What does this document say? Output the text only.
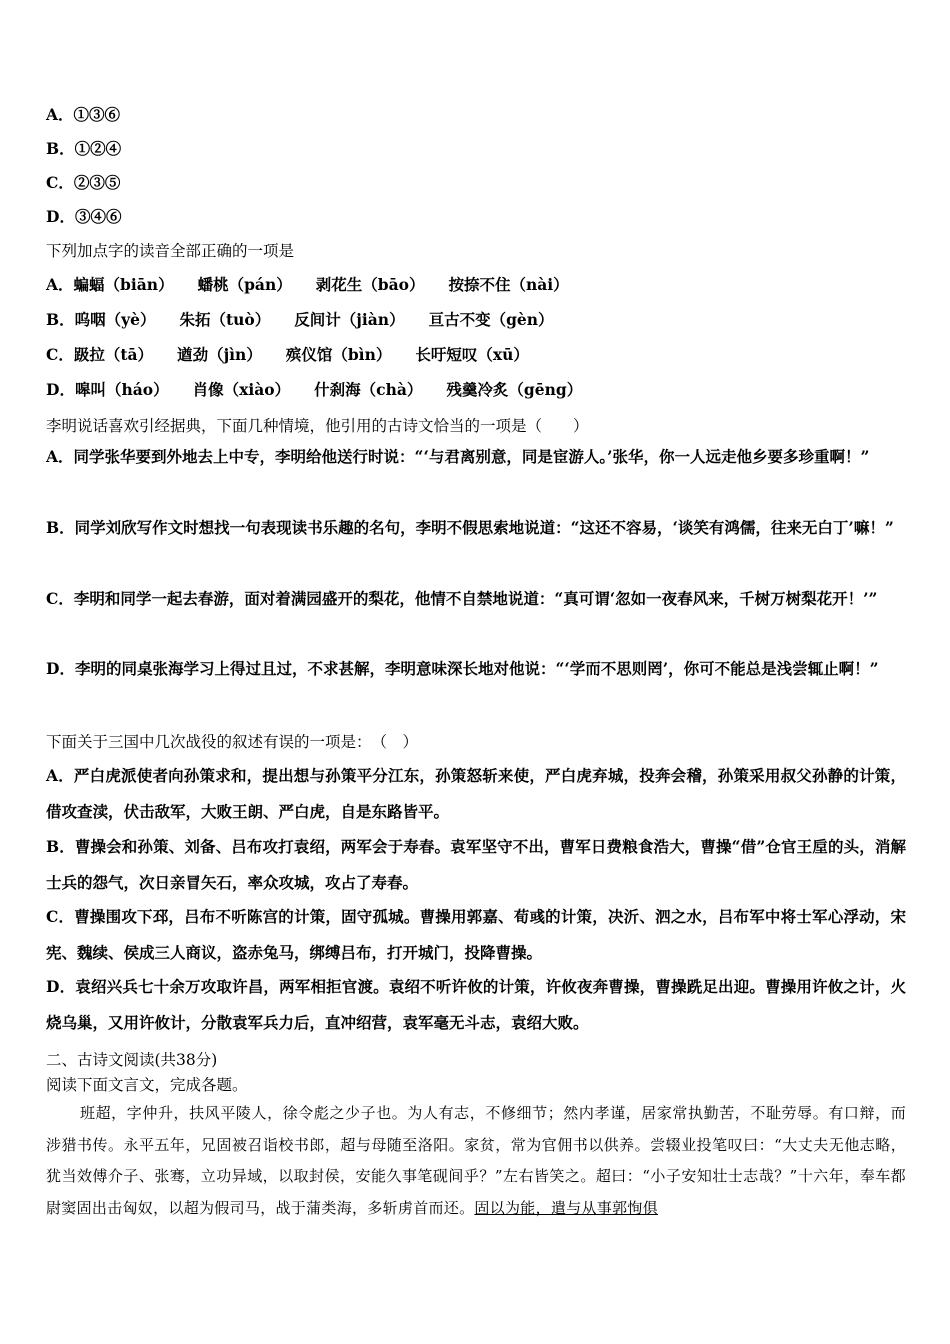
A．①③⑥
B．①②④
C．②③⑤
D．③④⑥
下列加点字的读音全部正确的一项是
A．蝙蝠（biān） 蟠桃（pán） 剥花生（bāo） 按捺不住（nài）
B．呜咽（yè） 朱拓（tuò） 反间计（jiàn） 亘古不变（gèn）
C．趿拉（tā） 遒劲（jìn） 殡仪馆（bìn） 长吁短叹（xū）
D．嗥叫（háo） 肖像（xiào） 什刹海（chà） 残羹冷炙（gēng）
李明说话喜欢引经据典，下面几种情境，他引用的古诗文恰当的一项是（　　）
A．同学张华要到外地去上中专，李明给他送行时说：“‘与君离别意，同是宦游人。’张华，你一人远走他乡要多珍重啊！”
B．同学刘欣写作文时想找一句表现读书乐趣的名句，李明不假思索地说道：“这还不容易，‘谈笑有鸿儒，往来无白丁’嘛！”
C．李明和同学一起去春游，面对着满园盛开的梨花，他情不自禁地说道：“真可谓‘忽如一夜春风来，千树万树梨花开！’”
D．李明的同桌张海学习上得过且过，不求甚解，李明意味深长地对他说：“‘学而不思则罔’，你可不能总是浅尝辄止啊！”
下面关于三国中几次战役的叙述有误的一项是：　（　）
A．严白虎派使者向孙策求和，提出想与孙策平分江东，孙策怒斩来使，严白虎弃城，投奔会稽，孙策采用叔父孙静的计策，借攻查渎，伏击敌军，大败王朗、严白虎，自是东路皆平。
B．曹操会和孙策、刘备、吕布攻打袁绍，两军会于寿春。袁军坚守不出，曹军日费粮食浩大，曹操“借”仓官王垕的头，消解士兵的怨气，次日亲冒矢石，率众攻城，攻占了寿春。
C．曹操围攻下邳，吕布不听陈宫的计策，固守孤城。曹操用郭嘉、荀彧的计策，决沂、泗之水，吕布军中将士军心浮动，宋宪、魏续、侯成三人商议，盗赤兔马，绑缚吕布，打开城门，投降曹操。
D．袁绍兴兵七十余万攻取许昌，两军相拒官渡。袁绍不听许攸的计策，许攸夜奔曹操，曹操跣足出迎。曹操用许攸之计，火烧乌巢，又用许攸计，分散袁军兵力后，直冲绍营，袁军毫无斗志，袁绍大败。
二、古诗文阅读(共38分)
阅读下面文言文，完成各题。
班超，字仲升，扶风平陵人，徐令彪之少子也。为人有志，不修细节；然内孝谨，居家常执勤苦，不耻劳辱。有口辩，而涉猎书传。永平五年，兄固被召诣校书郎，超与母随至洛阳。家贫，常为官佣书以供养。尝辍业投笔叹曰：“大丈夫无他志略，犹当效傅介子、张骞，立功异域，以取封侯，安能久事笔砚间乎？”左右皆笑之。超曰：“小子安知壮士志哉？”十六年，奉车都尉窦固出击匈奴，以超为假司马，战于蒲类海，多斩虏首而还。固以为能，遣与从事郭恂俱
